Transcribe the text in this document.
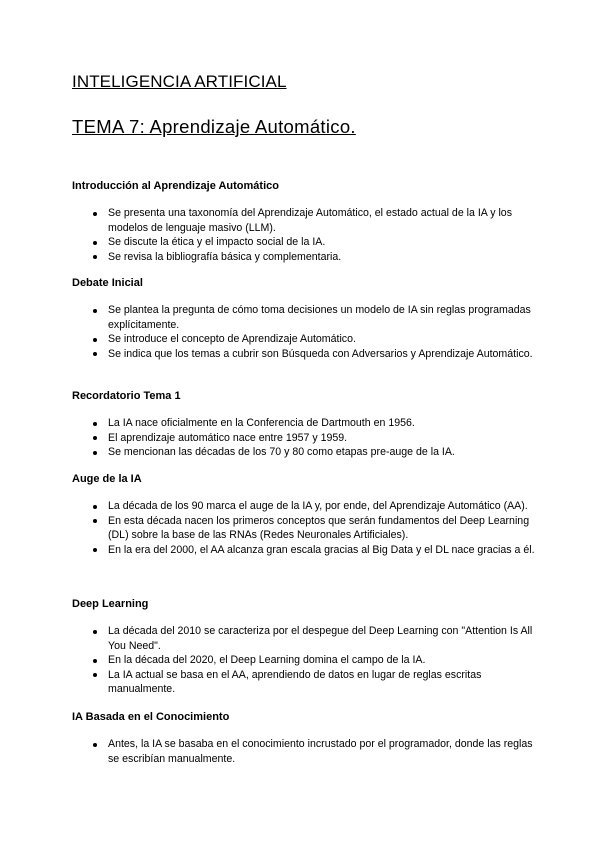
INTELIGENCIA ARTIFICIAL
TEMA 7: Aprendizaje Automático.
Introducción al Aprendizaje Automático
Se presenta una taxonomía del Aprendizaje Automático, el estado actual de la IA y los modelos de lenguaje masivo (LLM).
Se discute la ética y el impacto social de la IA.
Se revisa la bibliografía básica y complementaria.
Debate Inicial
Se plantea la pregunta de cómo toma decisiones un modelo de IA sin reglas programadas explícitamente.
Se introduce el concepto de Aprendizaje Automático.
Se indica que los temas a cubrir son Búsqueda con Adversarios y Aprendizaje Automático.
Recordatorio Tema 1
La IA nace oficialmente en la Conferencia de Dartmouth en 1956.
El aprendizaje automático nace entre 1957 y 1959.
Se mencionan las décadas de los 70 y 80 como etapas pre-auge de la IA.
Auge de la IA
La década de los 90 marca el auge de la IA y, por ende, del Aprendizaje Automático (AA).
En esta década nacen los primeros conceptos que serán fundamentos del Deep Learning (DL) sobre la base de las RNAs (Redes Neuronales Artificiales).
En la era del 2000, el AA alcanza gran escala gracias al Big Data y el DL nace gracias a él.
Deep Learning
La década del 2010 se caracteriza por el despegue del Deep Learning con "Attention Is All You Need".
En la década del 2020, el Deep Learning domina el campo de la IA.
La IA actual se basa en el AA, aprendiendo de datos en lugar de reglas escritas manualmente.
IA Basada en el Conocimiento
Antes, la IA se basaba en el conocimiento incrustado por el programador, donde las reglas se escribían manualmente.
